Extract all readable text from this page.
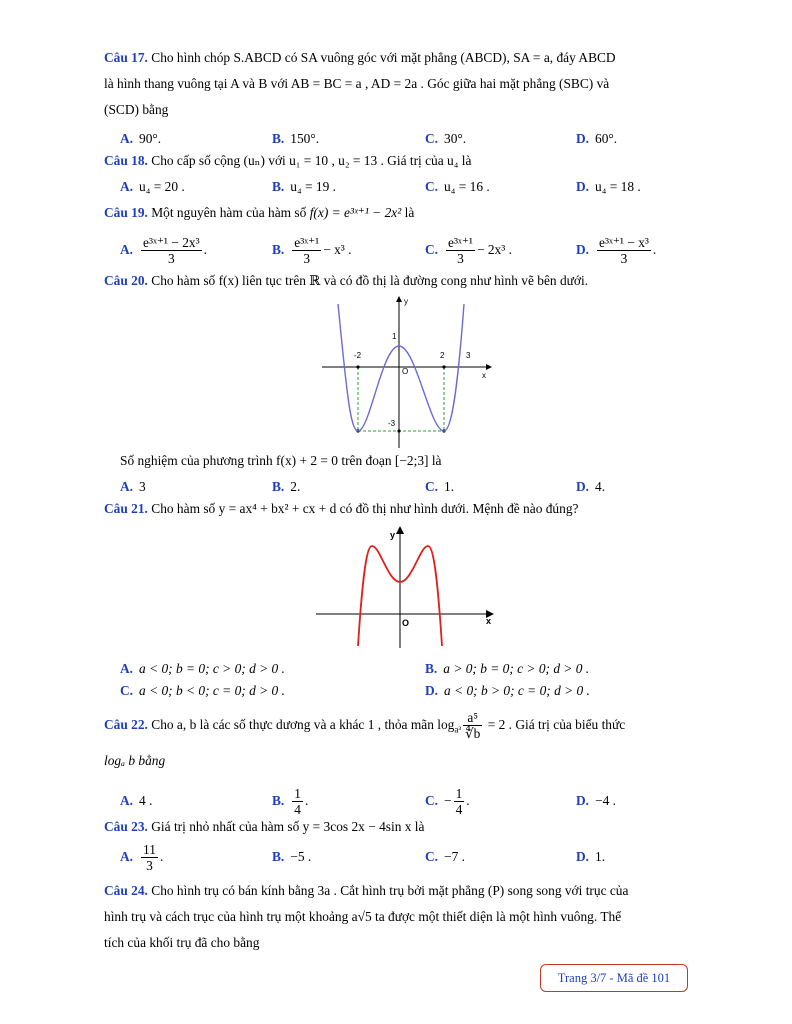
Câu 17. Cho hình chóp S.ABCD có SA vuông góc với mặt phẳng (ABCD), SA = a, đáy ABCD
là hình thang vuông tại A và B với AB = BC = a , AD = 2a . Góc giữa hai mặt phẳng (SBC) và
(SCD) bằng
A. 90°.	B. 150°.	C. 30°.	D. 60°.
Câu 18. Cho cấp số cộng (uₙ) với u₁ = 10 , u₂ = 13 . Giá trị của u₄ là
A. u₄ = 20 .	B. u₄ = 19 .	C. u₄ = 16 .	D. u₄ = 18 .
Câu 19. Một nguyên hàm của hàm số f(x) = e³ˣ⁺¹ − 2x² là
A. $\frac{\text{e³ˣ⁺¹ − 2x³}}{3}$ .	B. $\frac{\text{e³ˣ⁺¹}}{3} - x^3$ .	C. $\frac{\text{e³ˣ⁺¹}}{3} - 2x^3$ .	D. $\frac{\text{e³ˣ⁺¹ − x³}}{3}$ .
Câu 20. Cho hàm số f(x) liên tục trên ℝ và có đồ thị là đường cong như hình vẽ bên dưới.
y
x
O
-2	2	3
1
-3
Số nghiệm của phương trình f(x) + 2 = 0 trên đoạn [−2;3] là
A. 3	B. 2.	C. 1.	D. 4.
Câu 21. Cho hàm số y = ax⁴ + bx² + cx + d có đồ thị như hình dưới. Mệnh đề nào đúng?
y
x
O
A. a < 0; b = 0; c > 0; d > 0 .	B. a > 0; b = 0; c > 0; d > 0 .
C. a < 0; b < 0; c = 0; d > 0 .	D. a < 0; b > 0; c = 0; d > 0 .
Câu 22. Cho a, b là các số thực dương và a khác 1 , thỏa mãn $\log_{a^3} \frac{\text{a⁵}}{∜b} = 2$ . Giá trị của biểu thức
logₐ b bằng
A. 4 .	B. $\frac{1}{4}$ .	C. − $\frac{1}{4}$ .	D. −4 .
Câu 23. Giá trị nhỏ nhất của hàm số y = 3cos 2x − 4sin x là
A. $\frac{11}{3}$ .	B. −5 .	C. −7 .	D. 1.
Câu 24. Cho hình trụ có bán kính bằng 3a . Cắt hình trụ bởi mặt phẳng (P) song song với trục của
hình trụ và cách trục của hình trụ một khoảng a√5 ta được một thiết diện là một hình vuông. Thể
tích của khối trụ đã cho bằng
Trang 3/7 - Mã đề 101
